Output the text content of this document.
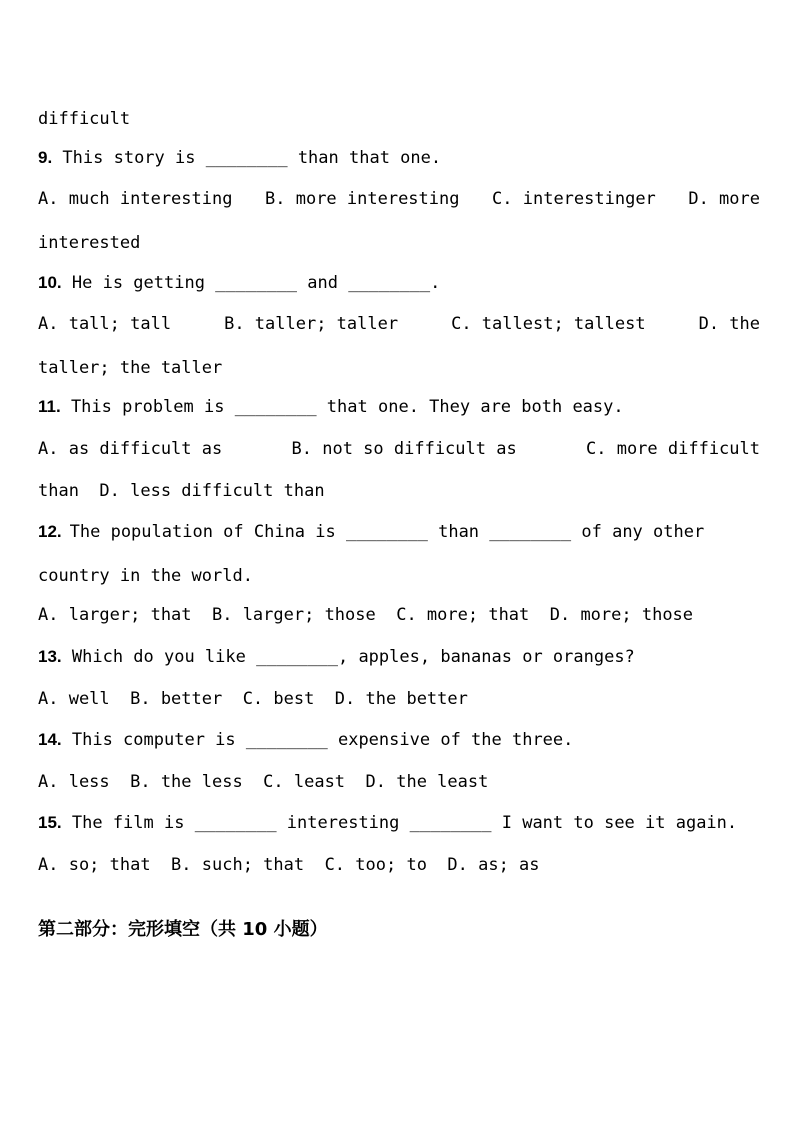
difficult
9. This story is ________ than that one.
A. much interesting B. more interesting C. interestinger D. more
interested
10. He is getting ________ and ________.
A. tall; tall	B. taller; taller	C. tallest; tallest	D. the
taller; the taller
11. This problem is ________ that one. They are both easy.
A. as difficult as	B. not so difficult as	C. more difficult
than  D. less difficult than
12. The population of China is ________ than ________ of any other
country in the world.
A. larger; that  B. larger; those  C. more; that  D. more; those
13. Which do you like ________, apples, bananas or oranges?
A. well  B. better  C. best  D. the better
14. This computer is ________ expensive of the three.
A. less  B. the less  C. least  D. the least
15. The film is ________ interesting ________ I want to see it again.
A. so; that  B. such; that  C. too; to  D. as; as
第二部分：完形填空（共 10 小题）
